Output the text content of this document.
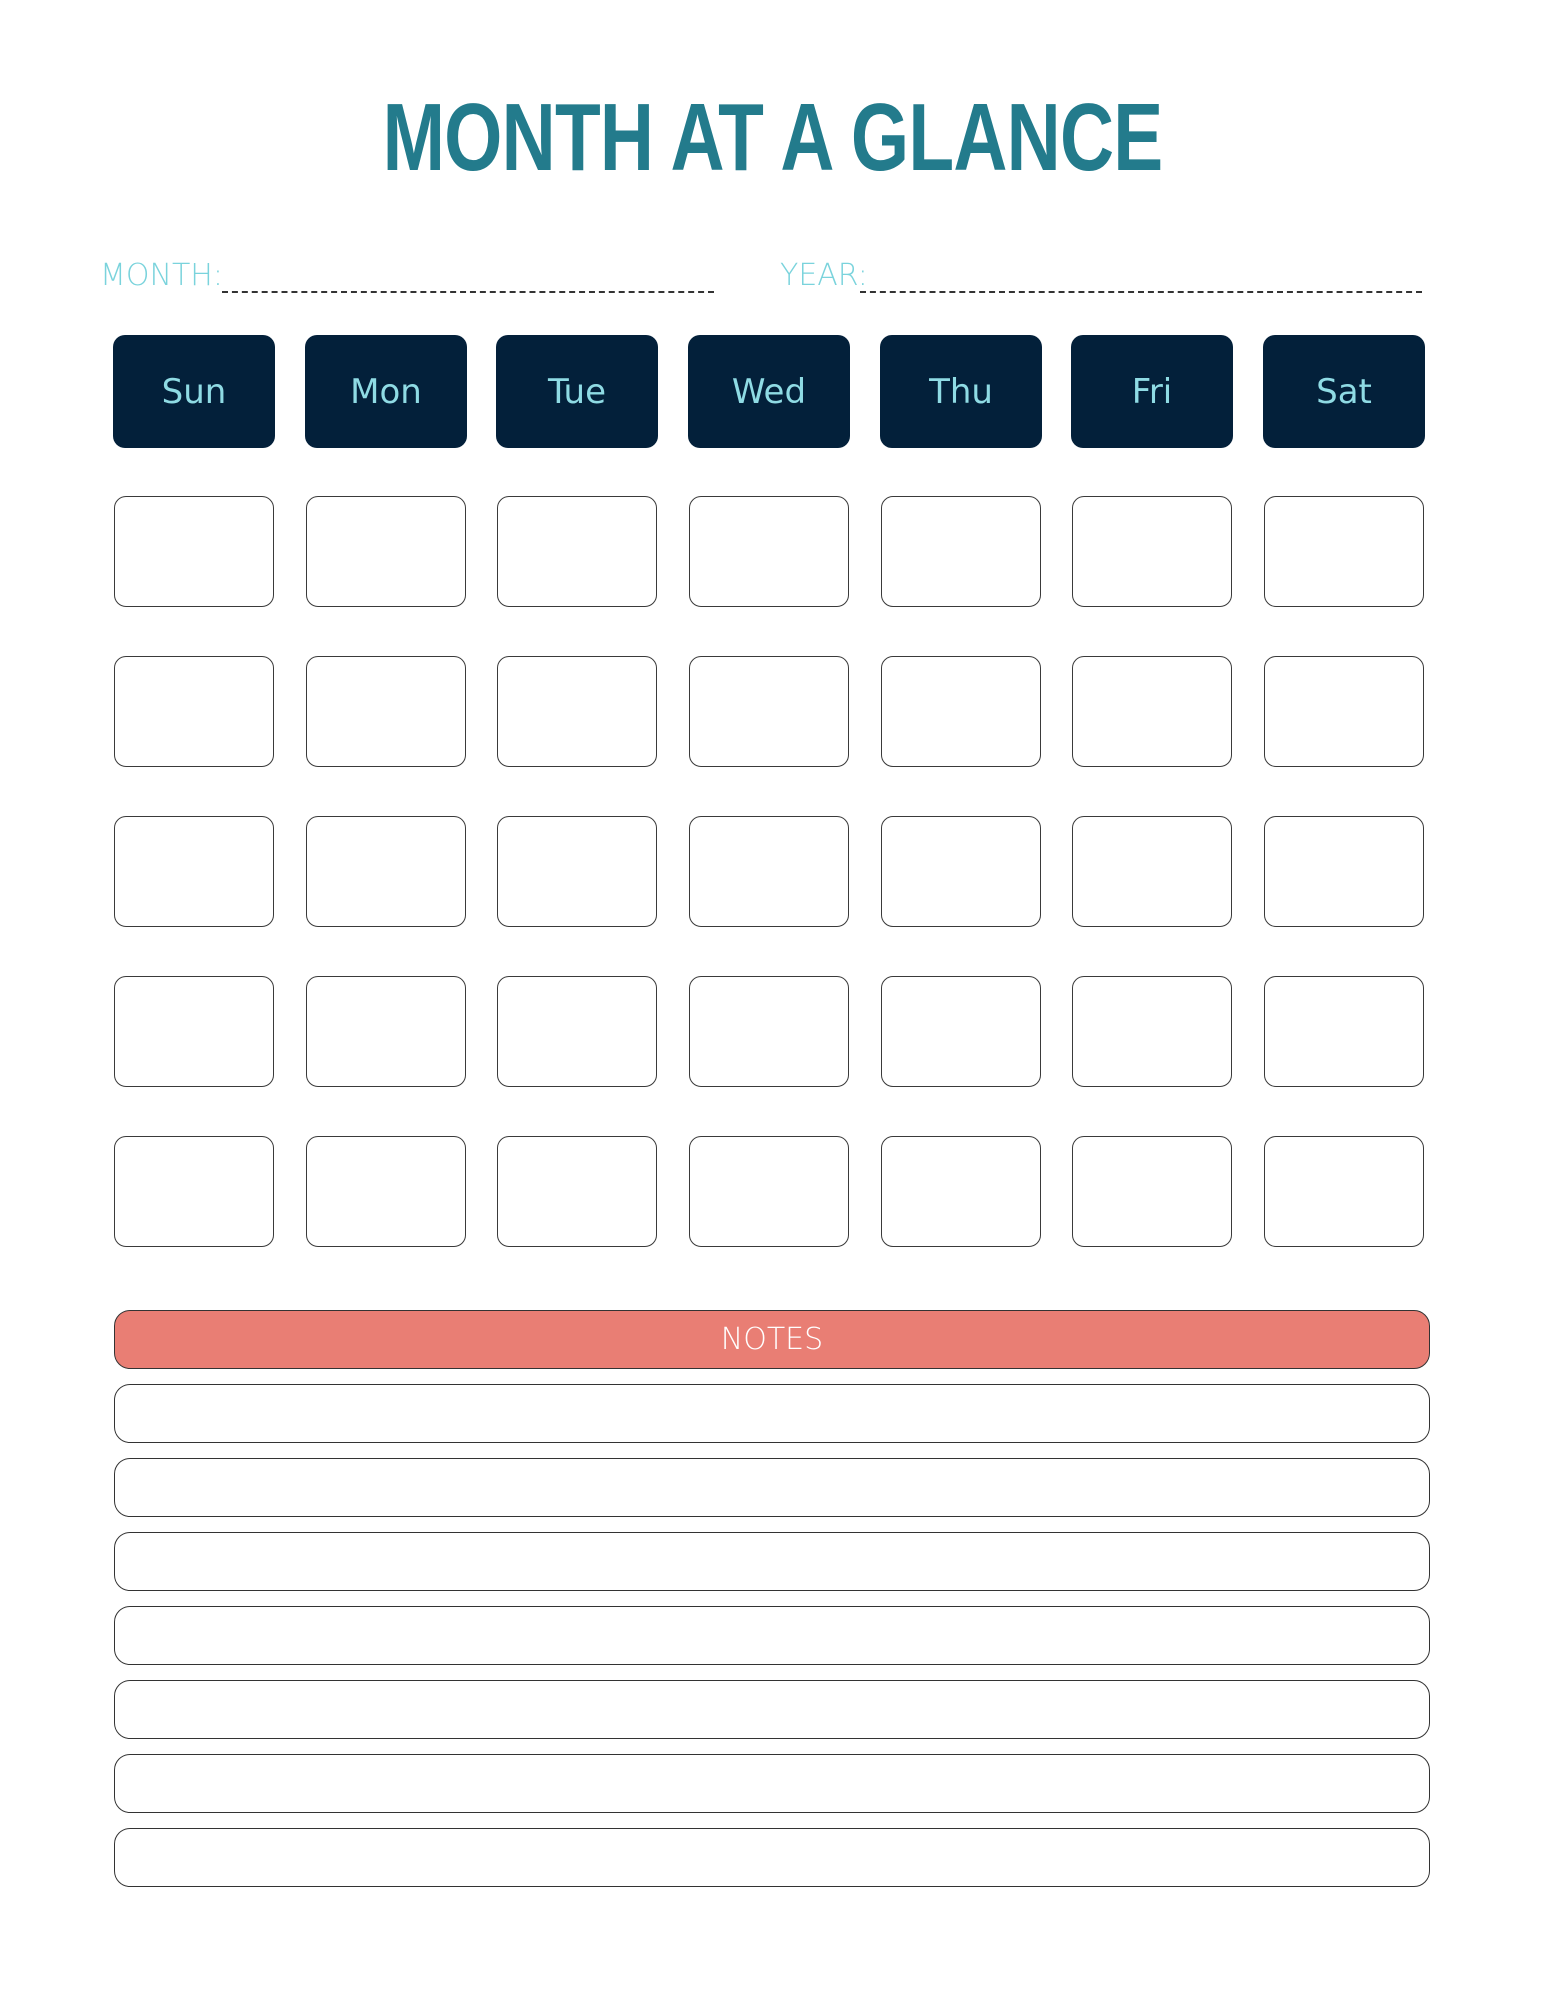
MONTH AT A GLANCE
MONTH:	YEAR:
Sun	Mon	Tue	Wed	Thu	Fri	Sat
NOTES
